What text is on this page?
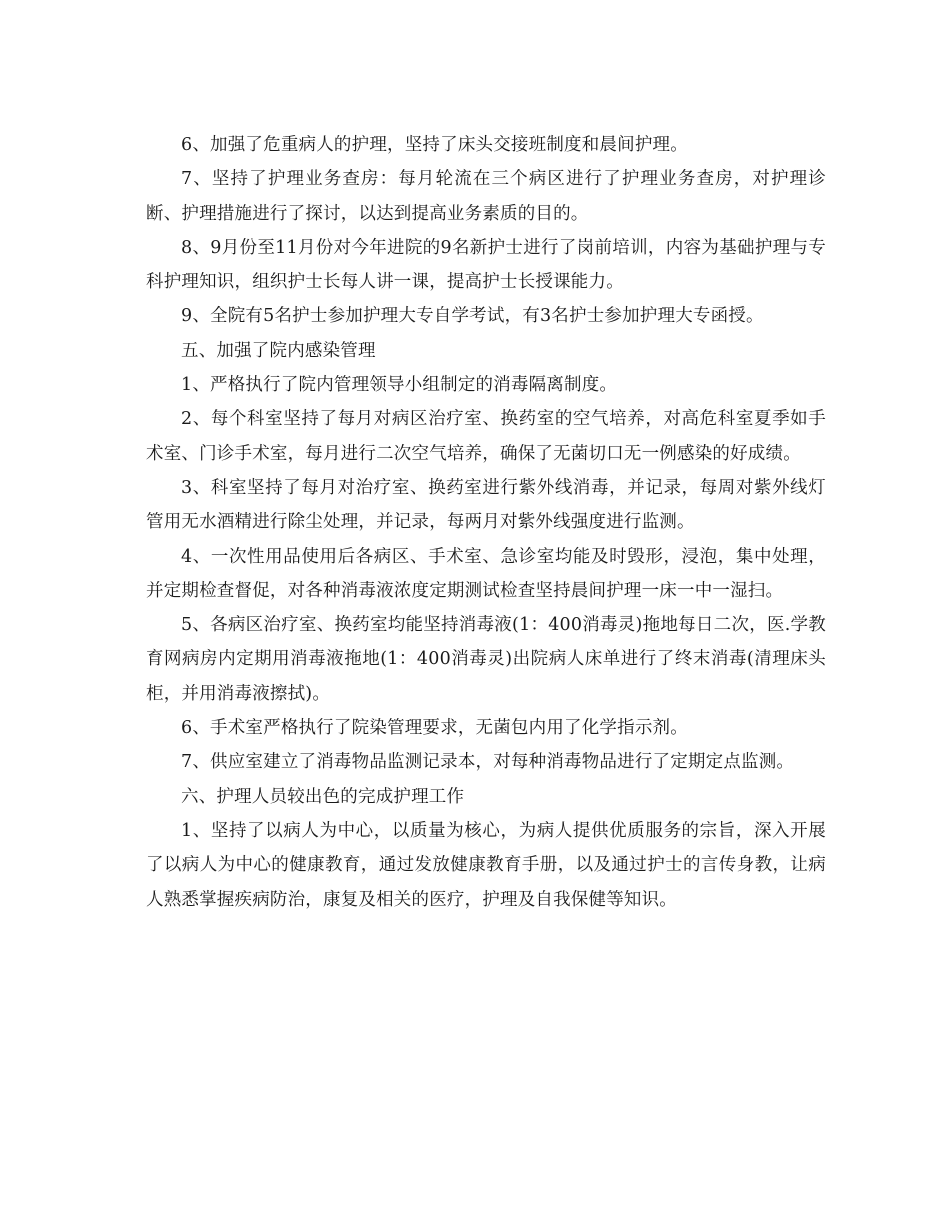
6、加强了危重病人的护理，坚持了床头交接班制度和晨间护理。

7、坚持了护理业务查房：每月轮流在三个病区进行了护理业务查房，对护理诊断、护理措施进行了探讨，以达到提高业务素质的目的。

8、9月份至11月份对今年进院的9名新护士进行了岗前培训，内容为基础护理与专科护理知识，组织护士长每人讲一课，提高护士长授课能力。

9、全院有5名护士参加护理大专自学考试，有3名护士参加护理大专函授。

五、加强了院内感染管理

1、严格执行了院内管理领导小组制定的消毒隔离制度。

2、每个科室坚持了每月对病区治疗室、换药室的空气培养，对高危科室夏季如手术室、门诊手术室，每月进行二次空气培养，确保了无菌切口无一例感染的好成绩。

3、科室坚持了每月对治疗室、换药室进行紫外线消毒，并记录，每周对紫外线灯管用无水酒精进行除尘处理，并记录，每两月对紫外线强度进行监测。

4、一次性用品使用后各病区、手术室、急诊室均能及时毁形，浸泡，集中处理，并定期检查督促，对各种消毒液浓度定期测试检查坚持晨间护理一床一中一湿扫。

5、各病区治疗室、换药室均能坚持消毒液(1：400消毒灵)拖地每日二次，医.学教育网病房内定期用消毒液拖地(1：400消毒灵)出院病人床单进行了终末消毒(清理床头柜，并用消毒液擦拭)。

6、手术室严格执行了院染管理要求，无菌包内用了化学指示剂。

7、供应室建立了消毒物品监测记录本，对每种消毒物品进行了定期定点监测。

六、护理人员较出色的完成护理工作

1、坚持了以病人为中心，以质量为核心，为病人提供优质服务的宗旨，深入开展了以病人为中心的健康教育，通过发放健康教育手册，以及通过护士的言传身教，让病人熟悉掌握疾病防治，康复及相关的医疗，护理及自我保健等知识。
